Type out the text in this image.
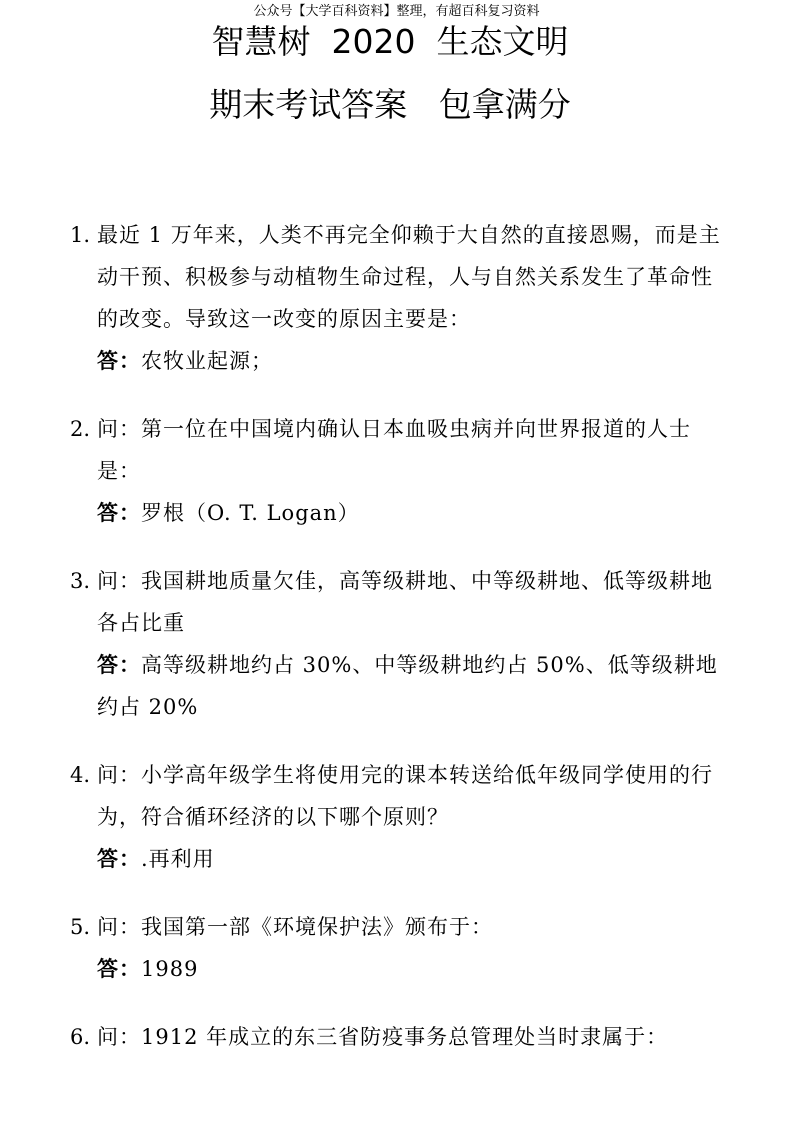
公众号【大学百科资料】整理，有超百科复习资料
智慧树  2020  生态文明
期末考试答案   包拿满分
1. 最近 1 万年来，人类不再完全仰赖于大自然的直接恩赐，而是主动干预、积极参与动植物生命过程，人与自然关系发生了革命性的改变。导致这一改变的原因主要是：
答：农牧业起源；
2. 问：第一位在中国境内确认日本血吸虫病并向世界报道的人士是：
答：罗根（O. T. Logan）
3. 问：我国耕地质量欠佳，高等级耕地、中等级耕地、低等级耕地各占比重
答：高等级耕地约占 30%、中等级耕地约占 50%、低等级耕地约占 20%
4. 问：小学高年级学生将使用完的课本转送给低年级同学使用的行为，符合循环经济的以下哪个原则？
答：.再利用
5. 问：我国第一部《环境保护法》颁布于：
答：1989
6. 问：1912 年成立的东三省防疫事务总管理处当时隶属于：
